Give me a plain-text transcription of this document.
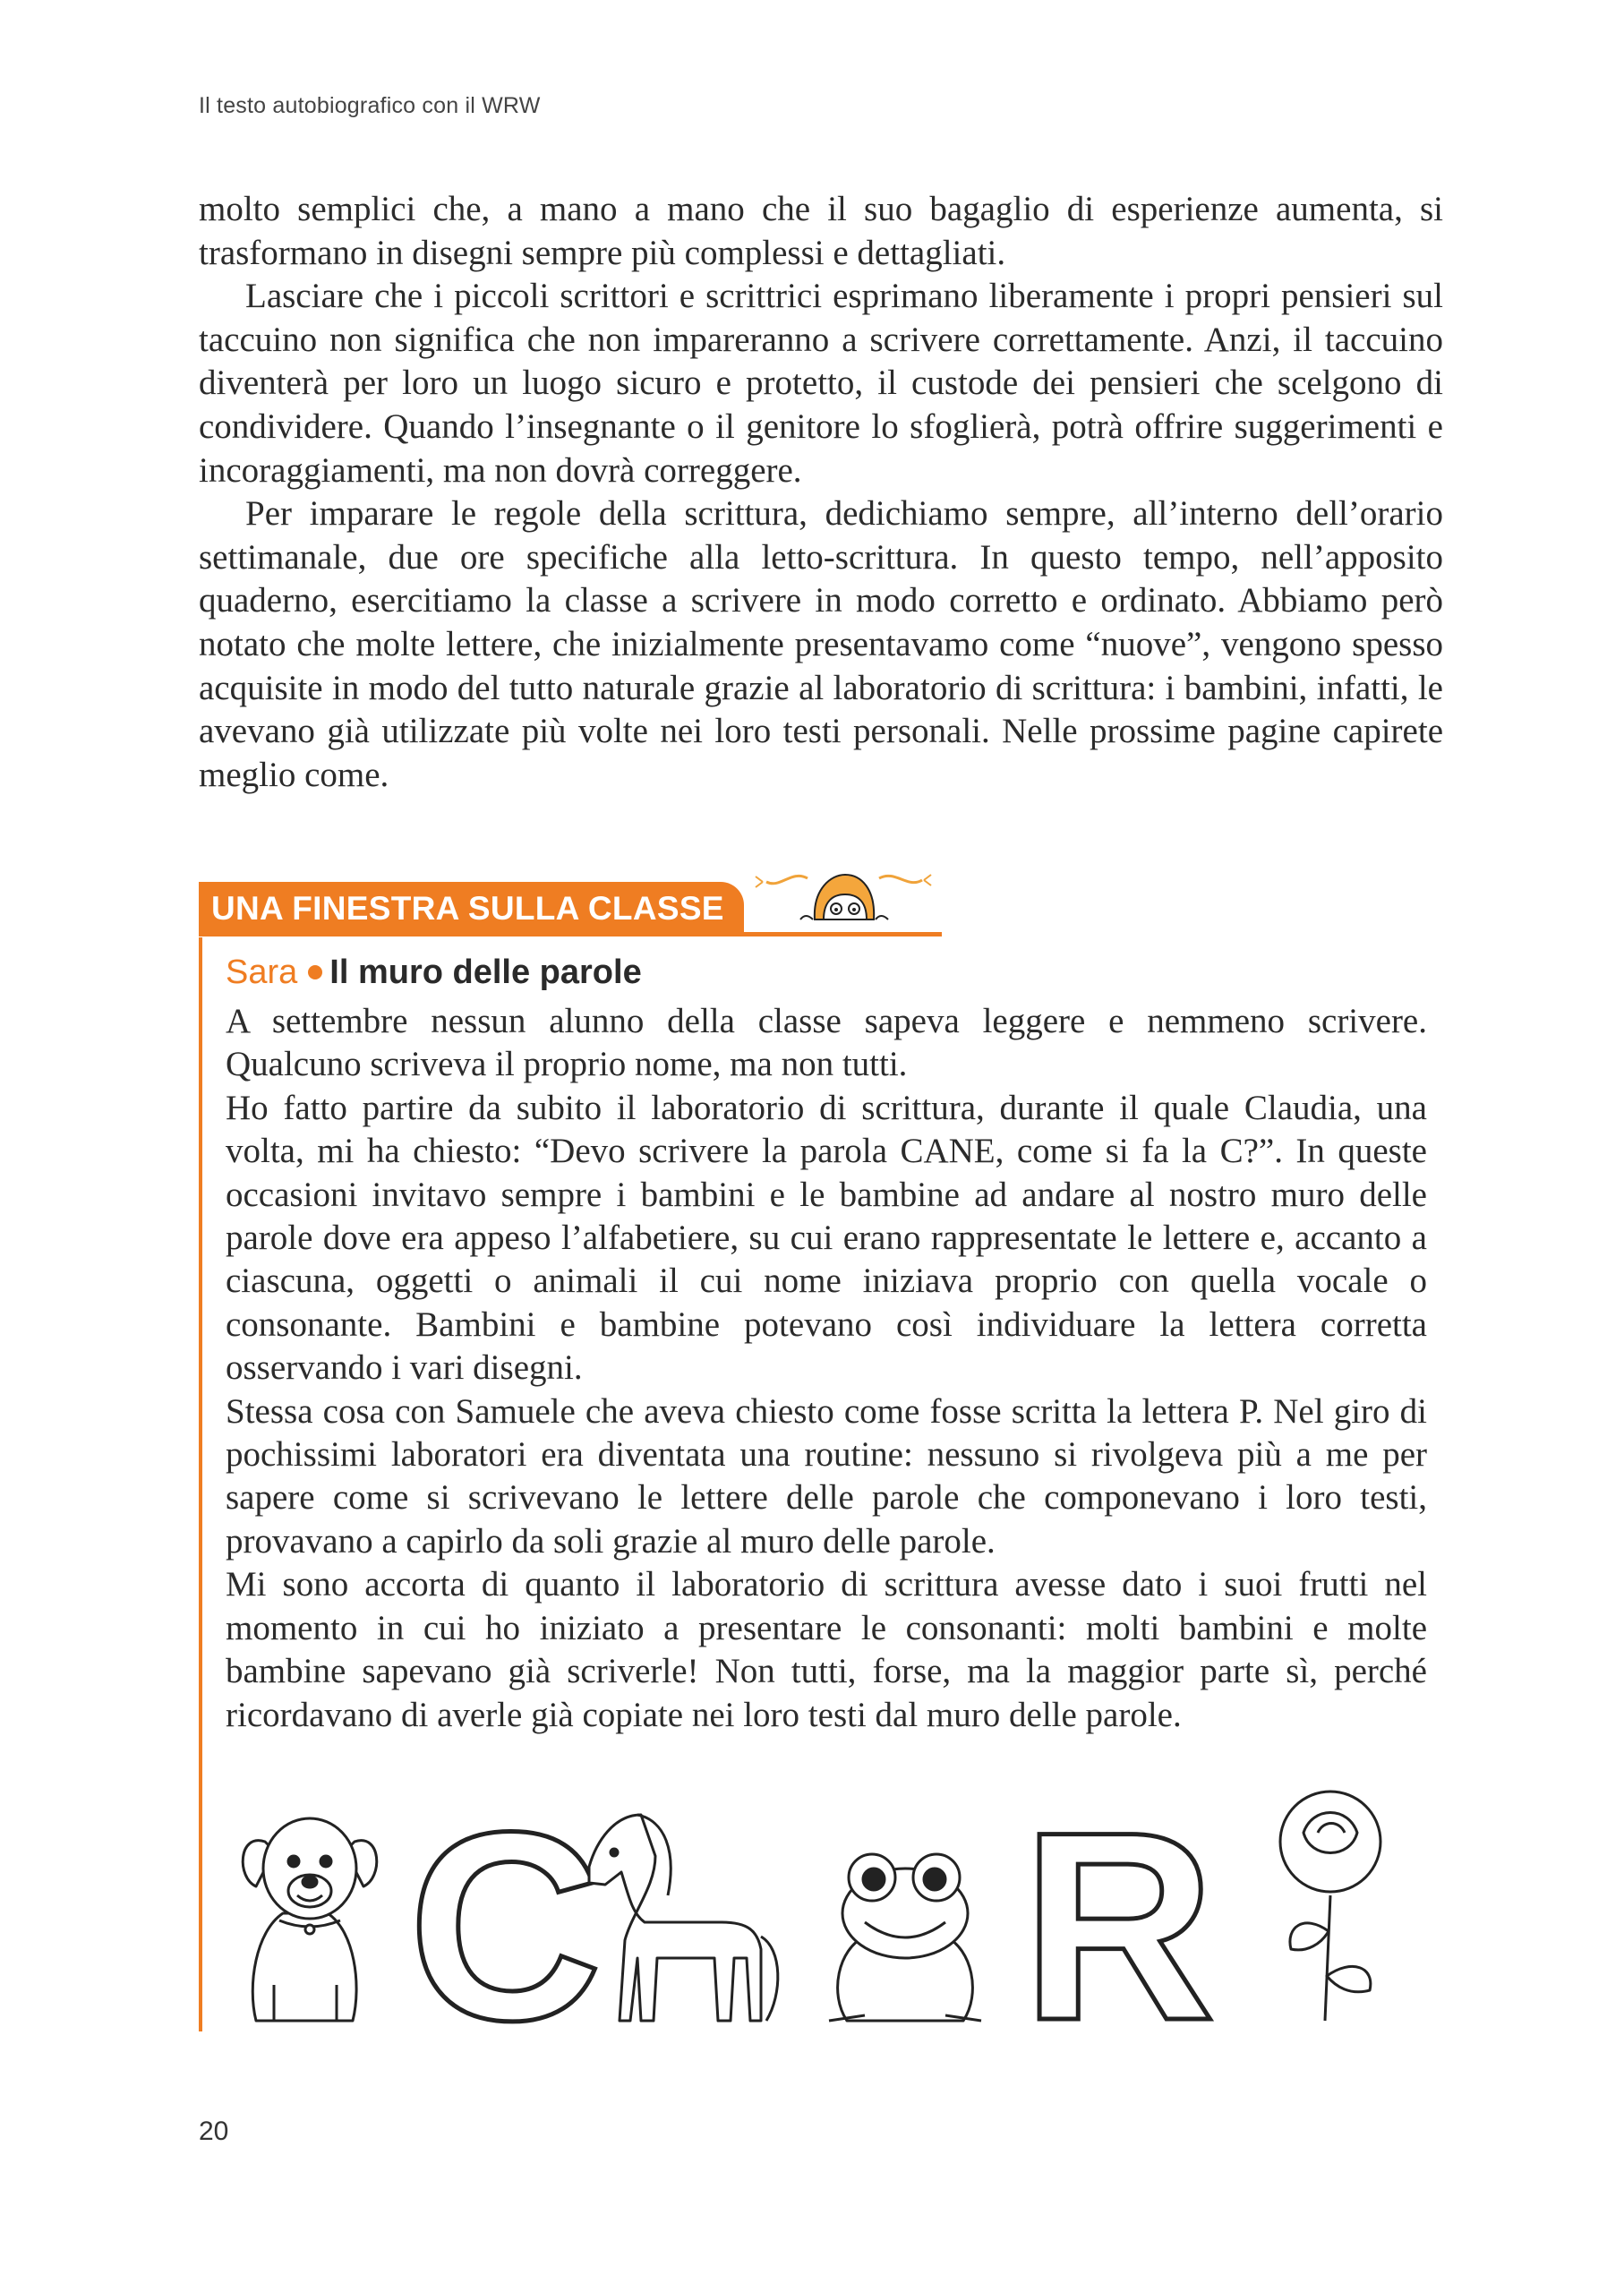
Il testo autobiografico con il WRW

molto semplici che, a mano a mano che il suo bagaglio di esperienze aumenta, si trasformano in disegni sempre più complessi e dettagliati.

Lasciare che i piccoli scrittori e scrittrici esprimano liberamente i propri pensieri sul taccuino non significa che non impareranno a scrivere correttamente. Anzi, il taccuino diventerà per loro un luogo sicuro e protetto, il custode dei pensieri che scelgono di condividere. Quando l’insegnante o il genitore lo sfoglierà, potrà offrire suggerimenti e incoraggiamenti, ma non dovrà correggere.

Per imparare le regole della scrittura, dedichiamo sempre, all’interno dell’orario settimanale, due ore specifiche alla letto-scrittura. In questo tempo, nell’apposito quaderno, esercitiamo la classe a scrivere in modo corretto e ordinato. Abbiamo però notato che molte lettere, che inizialmente presentavamo come “nuove”, vengono spesso acquisite in modo del tutto naturale grazie al laboratorio di scrittura: i bambini, infatti, le avevano già utilizzate più volte nei loro testi personali. Nelle prossime pagine capirete meglio come.

UNA FINESTRA SULLA CLASSE
Sara Il muro delle parole

A settembre nessun alunno della classe sapeva leggere e nemmeno scrivere. Qualcuno scriveva il proprio nome, ma non tutti.

Ho fatto partire da subito il laboratorio di scrittura, durante il quale Claudia, una volta, mi ha chiesto: “Devo scrivere la parola CANE, come si fa la C?”. In queste occasioni invitavo sempre i bambini e le bambine ad andare al nostro muro delle parole dove era appeso l’alfabetiere, su cui erano rappresentate le lettere e, accanto a ciascuna, oggetti o animali il cui nome iniziava proprio con quella vocale o consonante. Bambini e bambine potevano così individuare la lettera corretta osservando i vari disegni.

Stessa cosa con Samuele che aveva chiesto come fosse scritta la lettera P. Nel giro di pochissimi laboratori era diventata una routine: nessuno si rivolgeva più a me per sapere come si scrivevano le lettere delle parole che componevano i loro testi, provavano a capirlo da soli grazie al muro delle parole.

Mi sono accorta di quanto il laboratorio di scrittura avesse dato i suoi frutti nel momento in cui ho iniziato a presentare le consonanti: molti bambini e molte bambine sapevano già scriverle! Non tutti, forse, ma la maggior parte sì, perché ricordavano di averle già copiate nei loro testi dal muro delle parole.

C R
20
